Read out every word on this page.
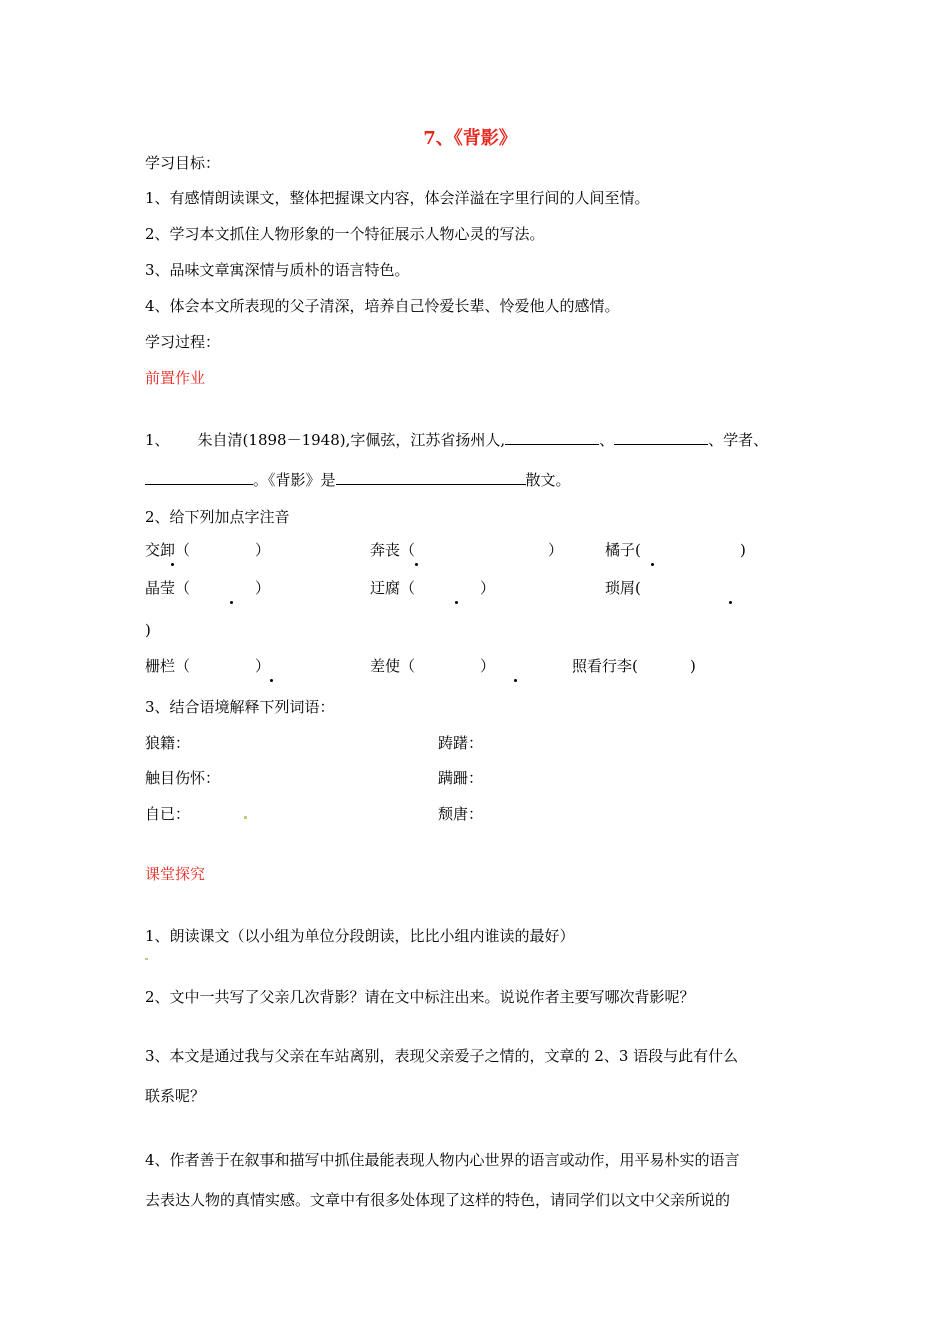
7、《背影》
学习目标：
1、有感情朗读课文，整体把握课文内容，体会洋溢在字里行间的人间至情。
2、学习本文抓住人物形象的一个特征展示人物心灵的写法。
3、品味文章寓深情与质朴的语言特色。
4、体会本文所表现的父子清深，培养自己怜爱长辈、怜爱他人的感情。
学习过程：
前置作业
1、 朱自清(1898－1948),字佩弦，江苏省扬州人,	、	、学者、
。《背影》是	散文。
2、给下列加点字注音
交卸（	）	奔丧（	）	橘子(	)

晶莹（	）	迂腐（	）	琐屑(
)

栅栏（	）	差使（	）	照看行李(	)

3、结合语境解释下列词语：
狼籍：	踌躇：
触目伤怀：	蹒跚：
自已：	颓唐：
课堂探究
1、朗读课文（以小组为单位分段朗读，比比小组内谁读的最好）
2、文中一共写了父亲几次背影？请在文中标注出来。说说作者主要写哪次背影呢？
3、本文是通过我与父亲在车站离别，表现父亲爱子之情的，文章的 2、3 语段与此有什么
联系呢？
4、作者善于在叙事和描写中抓住最能表现人物内心世界的语言或动作，用平易朴实的语言
去表达人物的真情实感。文章中有很多处体现了这样的特色，请同学们以文中父亲所说的
